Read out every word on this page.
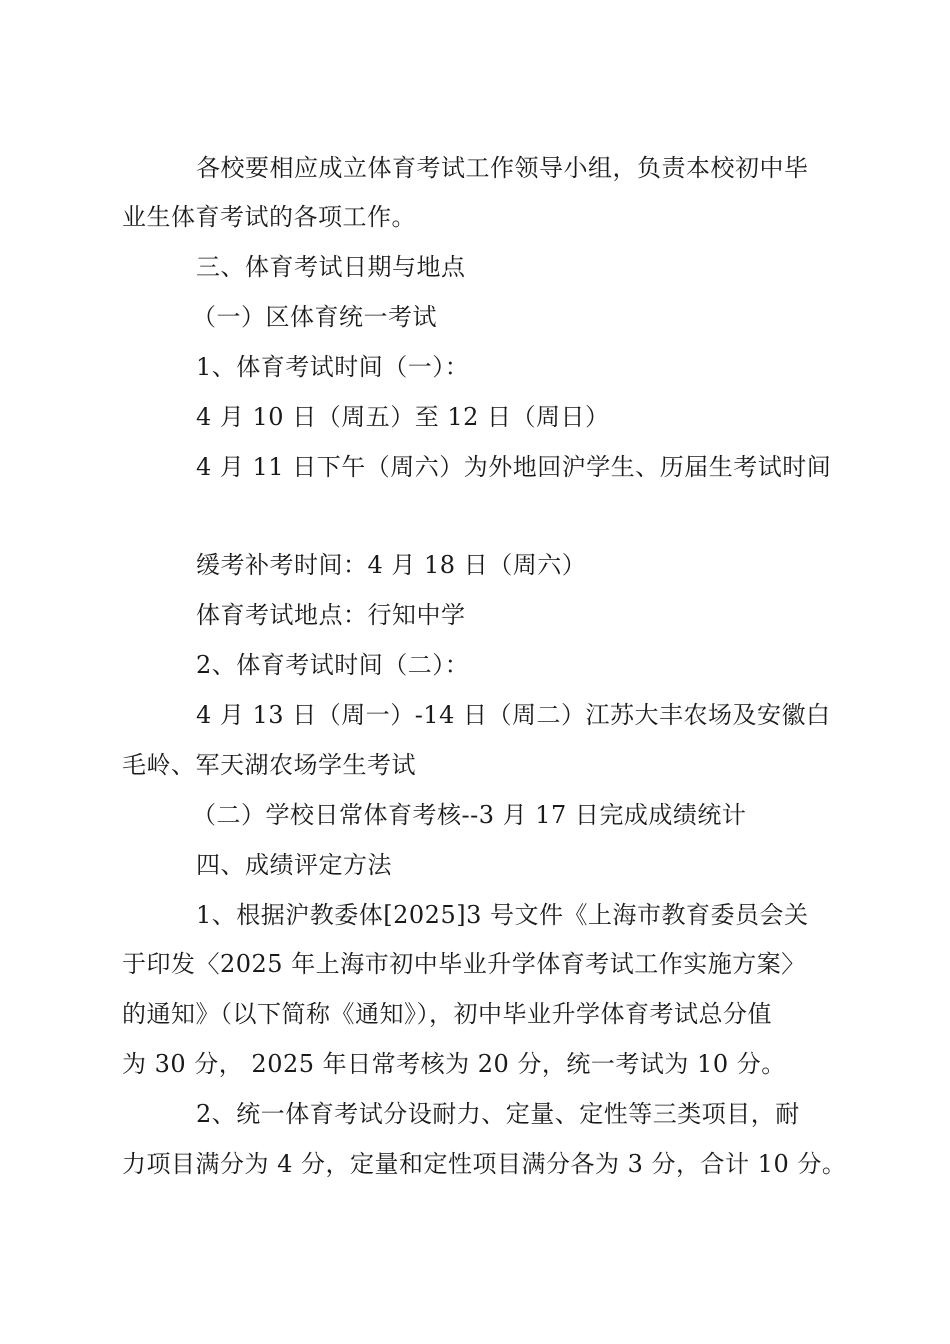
各校要相应成立体育考试工作领导小组，负责本校初中毕
业生体育考试的各项工作。
三、体育考试日期与地点
（一）区体育统一考试
1、体育考试时间（一）：
4 月 10 日（周五）至 12 日（周日）
4 月 11 日下午（周六）为外地回沪学生、历届生考试时间
缓考补考时间：4 月 18 日（周六）
体育考试地点：行知中学
2、体育考试时间（二）：
4 月 13 日（周一）-14 日（周二）江苏大丰农场及安徽白
毛岭、军天湖农场学生考试
（二）学校日常体育考核--3 月 17 日完成成绩统计
四、成绩评定方法
1、根据沪教委体[2025]3 号文件《上海市教育委员会关
于印发〈2025 年上海市初中毕业升学体育考试工作实施方案〉
的通知》（以下简称《通知》），初中毕业升学体育考试总分值
为 30 分， 2025 年日常考核为 20 分，统一考试为 10 分。
2、统一体育考试分设耐力、定量、定性等三类项目，耐
力项目满分为 4 分，定量和定性项目满分各为 3 分，合计 10 分。
